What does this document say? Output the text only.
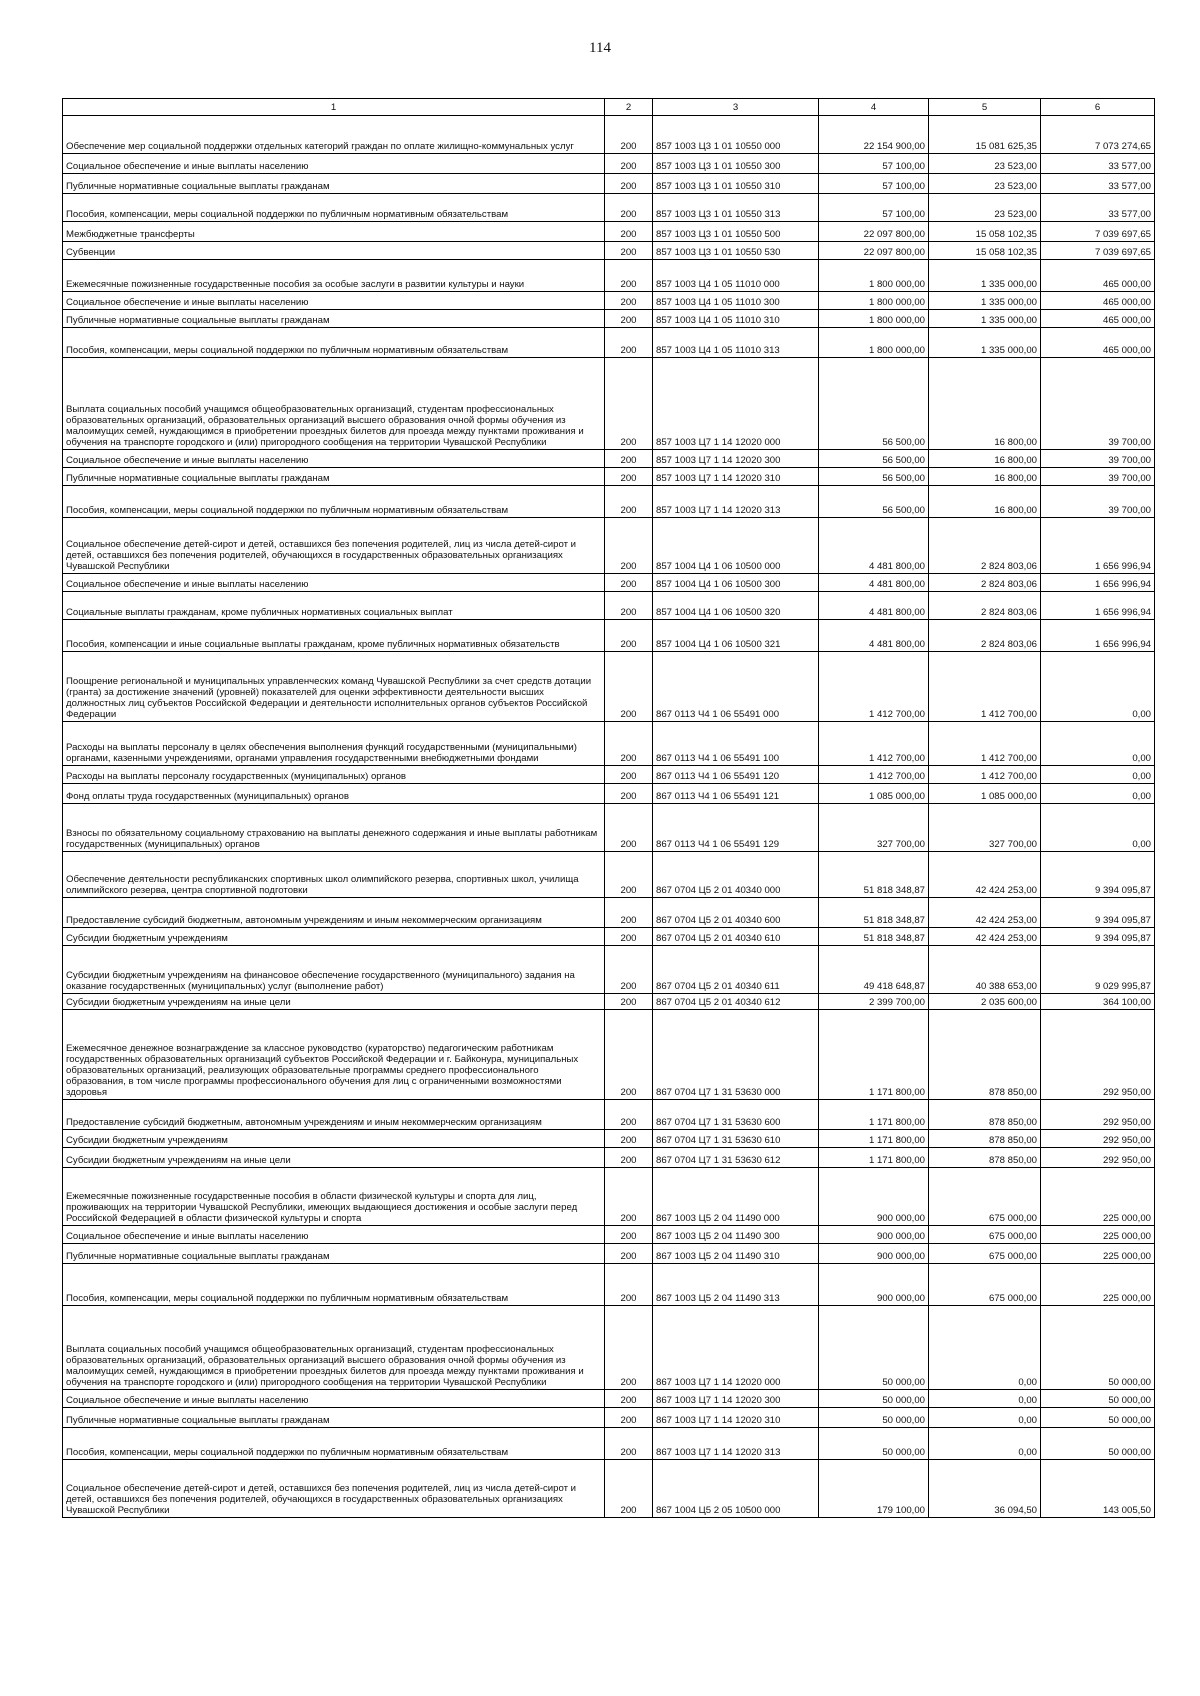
114
1	2	3	4	5	6
Обеспечение мер социальной поддержки отдельных категорий граждан по оплате жилищно-коммунальных услуг	200	857 1003 Ц3 1 01 10550 000	22 154 900,00	15 081 625,35	7 073 274,65
Социальное обеспечение и иные выплаты населению	200	857 1003 Ц3 1 01 10550 300	57 100,00	23 523,00	33 577,00
Публичные нормативные социальные выплаты гражданам	200	857 1003 Ц3 1 01 10550 310	57 100,00	23 523,00	33 577,00
Пособия, компенсации, меры социальной поддержки по публичным нормативным обязательствам	200	857 1003 Ц3 1 01 10550 313	57 100,00	23 523,00	33 577,00
Межбюджетные трансферты	200	857 1003 Ц3 1 01 10550 500	22 097 800,00	15 058 102,35	7 039 697,65
Субвенции	200	857 1003 Ц3 1 01 10550 530	22 097 800,00	15 058 102,35	7 039 697,65
Ежемесячные пожизненные государственные пособия за особые заслуги в развитии культуры и науки	200	857 1003 Ц4 1 05 11010 000	1 800 000,00	1 335 000,00	465 000,00
Социальное обеспечение и иные выплаты населению	200	857 1003 Ц4 1 05 11010 300	1 800 000,00	1 335 000,00	465 000,00
Публичные нормативные социальные выплаты гражданам	200	857 1003 Ц4 1 05 11010 310	1 800 000,00	1 335 000,00	465 000,00
Пособия, компенсации, меры социальной поддержки по публичным нормативным обязательствам	200	857 1003 Ц4 1 05 11010 313	1 800 000,00	1 335 000,00	465 000,00
Выплата социальных пособий учащимся общеобразовательных организаций, студентам профессиональных образовательных организаций, образовательных организаций высшего образования очной формы обучения из малоимущих семей, нуждающимся в приобретении проездных билетов для проезда между пунктами проживания и обучения на транспорте городского и (или) пригородного сообщения на территории Чувашской Республики	200	857 1003 Ц7 1 14 12020 000	56 500,00	16 800,00	39 700,00
Социальное обеспечение и иные выплаты населению	200	857 1003 Ц7 1 14 12020 300	56 500,00	16 800,00	39 700,00
Публичные нормативные социальные выплаты гражданам	200	857 1003 Ц7 1 14 12020 310	56 500,00	16 800,00	39 700,00
Пособия, компенсации, меры социальной поддержки по публичным нормативным обязательствам	200	857 1003 Ц7 1 14 12020 313	56 500,00	16 800,00	39 700,00
Социальное обеспечение детей-сирот и детей, оставшихся без попечения родителей, лиц из числа детей-сирот и детей, оставшихся без попечения родителей, обучающихся в государственных образовательных организациях Чувашской Республики	200	857 1004 Ц4 1 06 10500 000	4 481 800,00	2 824 803,06	1 656 996,94
Социальное обеспечение и иные выплаты населению	200	857 1004 Ц4 1 06 10500 300	4 481 800,00	2 824 803,06	1 656 996,94
Социальные выплаты гражданам, кроме публичных нормативных социальных выплат	200	857 1004 Ц4 1 06 10500 320	4 481 800,00	2 824 803,06	1 656 996,94
Пособия, компенсации и иные социальные выплаты гражданам, кроме публичных нормативных обязательств	200	857 1004 Ц4 1 06 10500 321	4 481 800,00	2 824 803,06	1 656 996,94
Поощрение региональной и муниципальных управленческих команд Чувашской Республики за счет средств дотации (гранта) за достижение значений (уровней) показателей для оценки эффективности деятельности высших должностных лиц субъектов Российской Федерации и деятельности исполнительных органов субъектов Российской Федерации	200	867 0113 Ч4 1 06 55491 000	1 412 700,00	1 412 700,00	0,00
Расходы на выплаты персоналу в целях обеспечения выполнения функций государственными (муниципальными) органами, казенными учреждениями, органами управления государственными внебюджетными фондами	200	867 0113 Ч4 1 06 55491 100	1 412 700,00	1 412 700,00	0,00
Расходы на выплаты персоналу государственных (муниципальных) органов	200	867 0113 Ч4 1 06 55491 120	1 412 700,00	1 412 700,00	0,00
Фонд оплаты труда государственных (муниципальных) органов	200	867 0113 Ч4 1 06 55491 121	1 085 000,00	1 085 000,00	0,00
Взносы по обязательному социальному страхованию на выплаты денежного содержания и иные выплаты работникам государственных (муниципальных) органов	200	867 0113 Ч4 1 06 55491 129	327 700,00	327 700,00	0,00
Обеспечение деятельности республиканских спортивных школ олимпийского резерва, спортивных школ, училища олимпийского резерва, центра спортивной подготовки	200	867 0704 Ц5 2 01 40340 000	51 818 348,87	42 424 253,00	9 394 095,87
Предоставление субсидий бюджетным, автономным учреждениям и иным некоммерческим организациям	200	867 0704 Ц5 2 01 40340 600	51 818 348,87	42 424 253,00	9 394 095,87
Субсидии бюджетным учреждениям	200	867 0704 Ц5 2 01 40340 610	51 818 348,87	42 424 253,00	9 394 095,87
Субсидии бюджетным учреждениям на финансовое обеспечение государственного (муниципального) задания на оказание государственных (муниципальных) услуг (выполнение работ)	200	867 0704 Ц5 2 01 40340 611	49 418 648,87	40 388 653,00	9 029 995,87
Субсидии бюджетным учреждениям на иные цели	200	867 0704 Ц5 2 01 40340 612	2 399 700,00	2 035 600,00	364 100,00
Ежемесячное денежное вознаграждение за классное руководство (кураторство) педагогическим работникам государственных образовательных организаций субъектов Российской Федерации и г. Байконура, муниципальных образовательных организаций, реализующих образовательные программы среднего профессионального образования, в том числе программы профессионального обучения для лиц с ограниченными возможностями здоровья	200	867 0704 Ц7 1 31 53630 000	1 171 800,00	878 850,00	292 950,00
Предоставление субсидий бюджетным, автономным учреждениям и иным некоммерческим организациям	200	867 0704 Ц7 1 31 53630 600	1 171 800,00	878 850,00	292 950,00
Субсидии бюджетным учреждениям	200	867 0704 Ц7 1 31 53630 610	1 171 800,00	878 850,00	292 950,00
Субсидии бюджетным учреждениям на иные цели	200	867 0704 Ц7 1 31 53630 612	1 171 800,00	878 850,00	292 950,00
Ежемесячные пожизненные государственные пособия в области физической культуры и спорта для лиц, проживающих на территории Чувашской Республики, имеющих выдающиеся достижения и особые заслуги перед Российской Федерацией в области физической культуры и спорта	200	867 1003 Ц5 2 04 11490 000	900 000,00	675 000,00	225 000,00
Социальное обеспечение и иные выплаты населению	200	867 1003 Ц5 2 04 11490 300	900 000,00	675 000,00	225 000,00
Публичные нормативные социальные выплаты гражданам	200	867 1003 Ц5 2 04 11490 310	900 000,00	675 000,00	225 000,00
Пособия, компенсации, меры социальной поддержки по публичным нормативным обязательствам	200	867 1003 Ц5 2 04 11490 313	900 000,00	675 000,00	225 000,00
Выплата социальных пособий учащимся общеобразовательных организаций, студентам профессиональных образовательных организаций, образовательных организаций высшего образования очной формы обучения из малоимущих семей, нуждающимся в приобретении проездных билетов для проезда между пунктами проживания и обучения на транспорте городского и (или) пригородного сообщения на территории Чувашской Республики	200	867 1003 Ц7 1 14 12020 000	50 000,00	0,00	50 000,00
Социальное обеспечение и иные выплаты населению	200	867 1003 Ц7 1 14 12020 300	50 000,00	0,00	50 000,00
Публичные нормативные социальные выплаты гражданам	200	867 1003 Ц7 1 14 12020 310	50 000,00	0,00	50 000,00
Пособия, компенсации, меры социальной поддержки по публичным нормативным обязательствам	200	867 1003 Ц7 1 14 12020 313	50 000,00	0,00	50 000,00
Социальное обеспечение детей-сирот и детей, оставшихся без попечения родителей, лиц из числа детей-сирот и детей, оставшихся без попечения родителей, обучающихся в государственных образовательных организациях Чувашской Республики	200	867 1004 Ц5 2 05 10500 000	179 100,00	36 094,50	143 005,50
